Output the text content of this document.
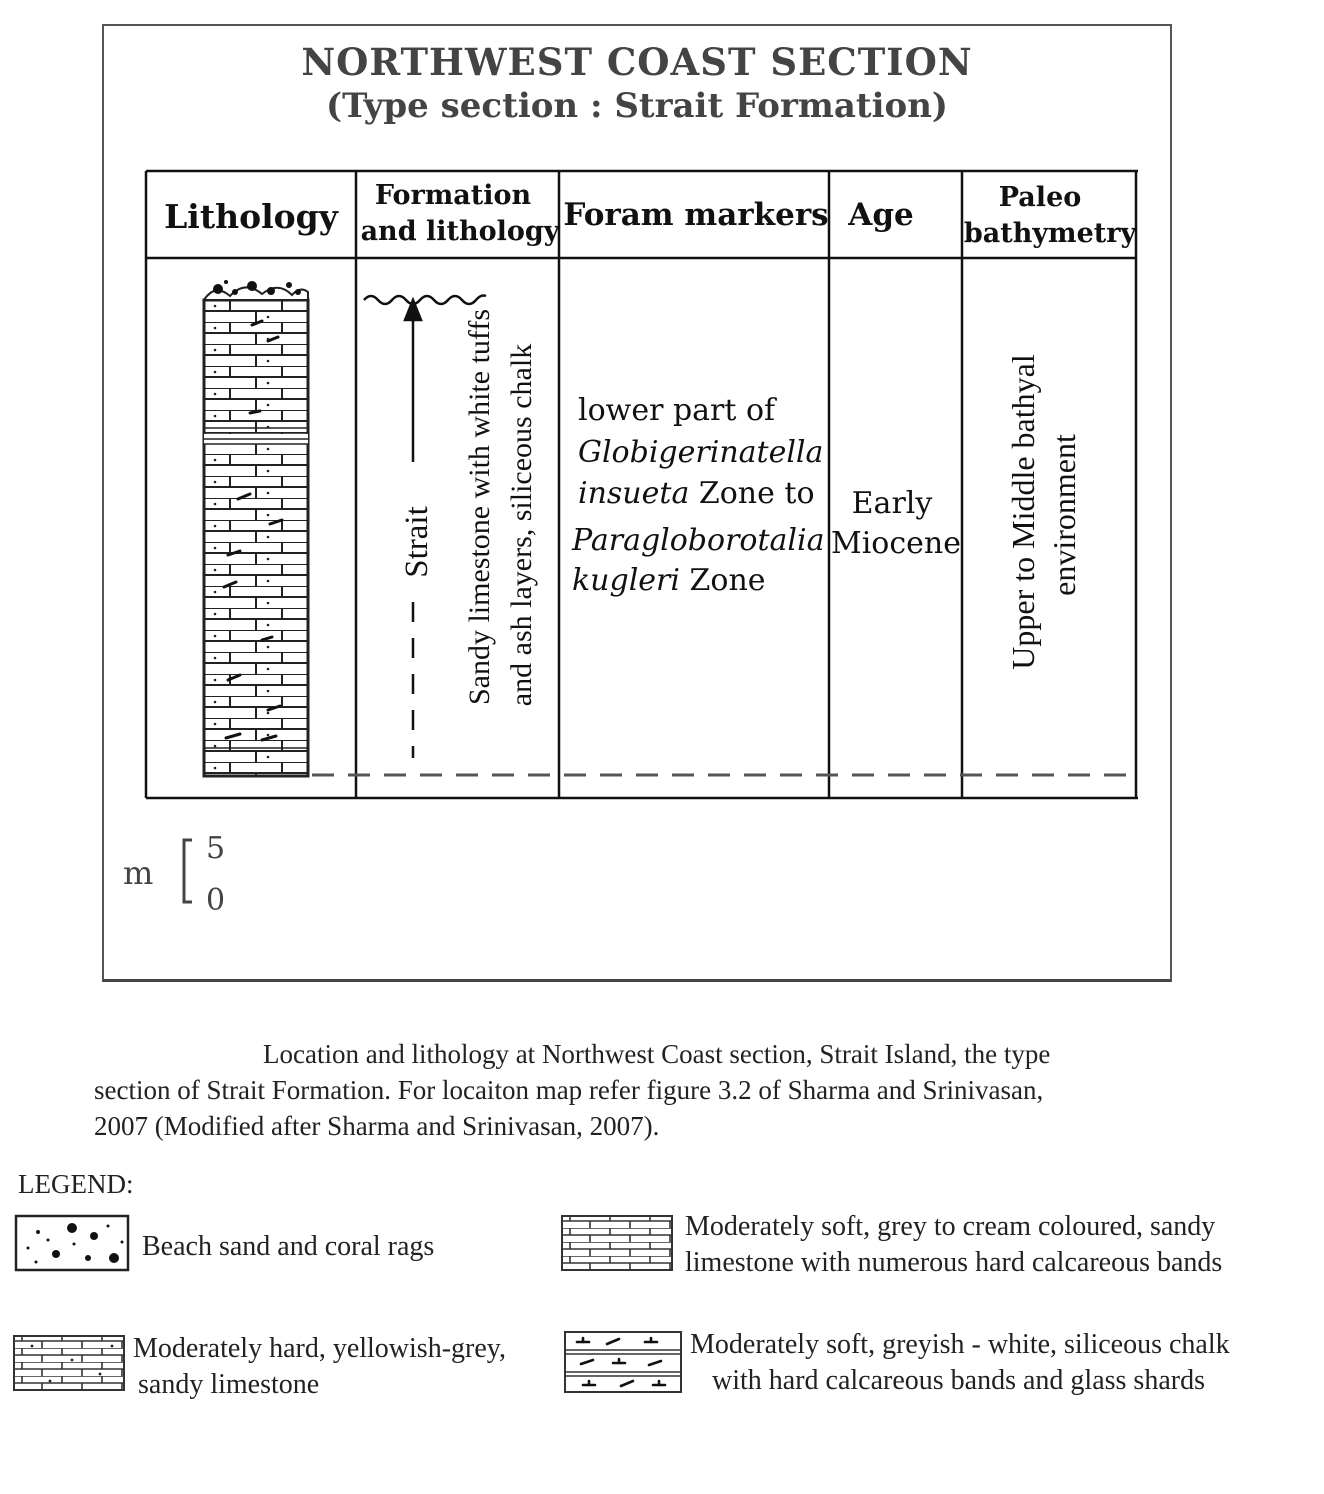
NORTHWEST COAST SECTION
(Type section : Strait Formation)
Lithology
Formation
and lithology Foram markers Age	Paleo
bathymetry
Strait Sandy limestone with white tuffs and ash layers, siliceous chalk lower part of
Globigerinatella
insueta Zone to
Paragloborotalia
kugleri Zone
Early
Miocene Upper to Middle bathyal environment
m
5
0
Location and lithology at Northwest Coast section, Strait Island, the type
section of Strait Formation. For locaiton map refer figure 3.2 of Sharma and Srinivasan,
2007 (Modified after Sharma and Srinivasan, 2007).
LEGEND:
Beach sand and coral rags
Moderately soft, grey to cream coloured, sandy
limestone with numerous hard calcareous bands
Moderately hard, yellowish-grey,
sandy limestone
Moderately soft, greyish - white, siliceous chalk
with hard calcareous bands and glass shards
